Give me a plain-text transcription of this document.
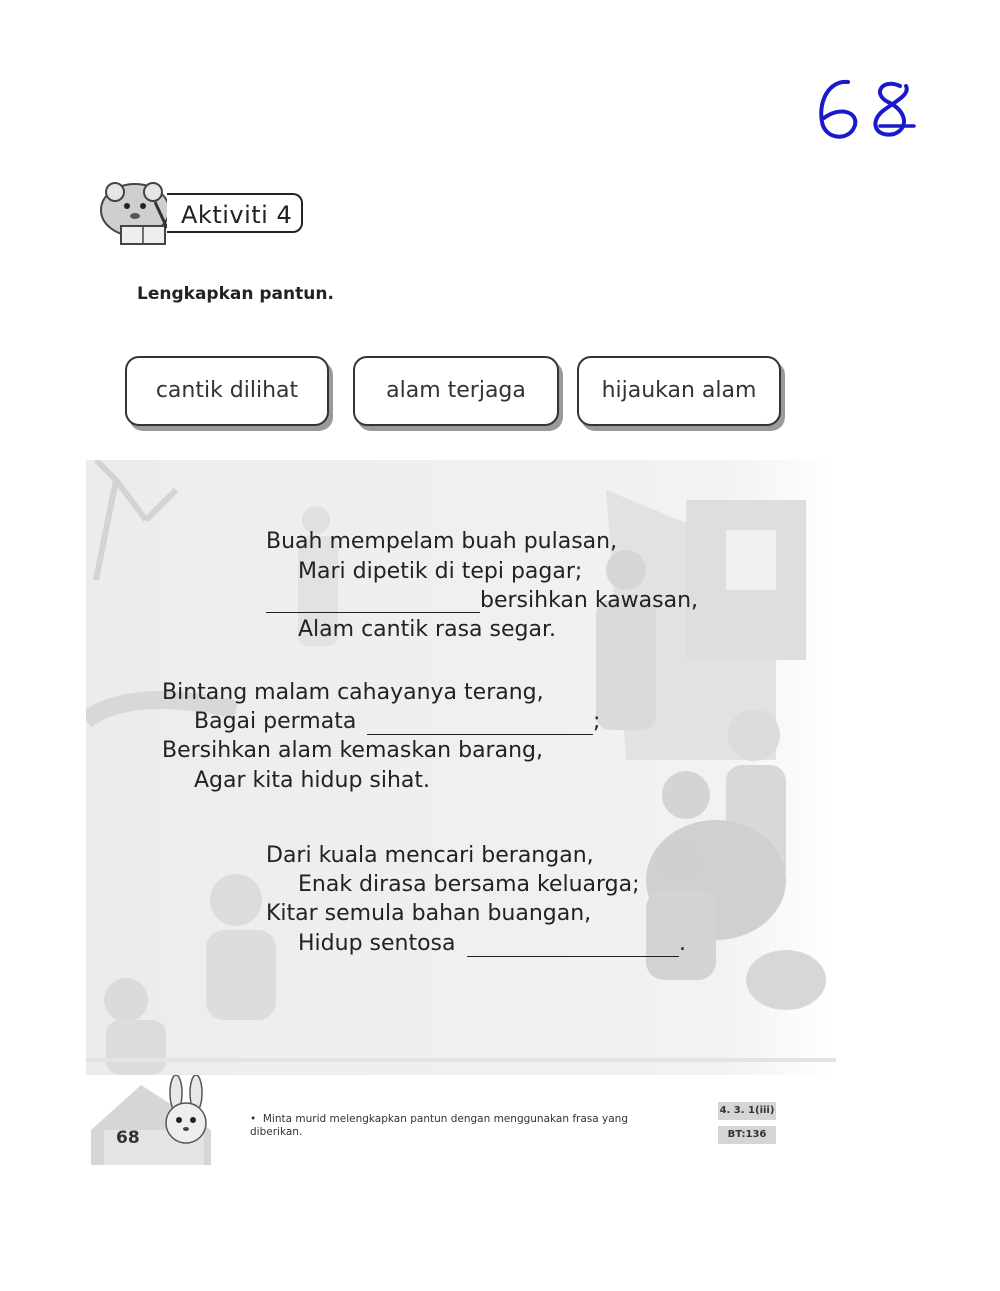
Aktiviti 4
Lengkapkan pantun.
cantik dilihat	alam terjaga	hijaukan alam
Buah mempelam buah pulasan,
Mari dipetik di tepi pagar;
bersihkan kawasan,
Alam cantik rasa segar.
Bintang malam cahayanya terang,
Bagai permata	;
Bersihkan alam kemaskan barang,
Agar kita hidup sihat.
Dari kuala mencari berangan,
Enak dirasa bersama keluarga;
Kitar semula bahan buangan,
Hidup sentosa	.
68
•  Minta murid melengkapkan pantun dengan menggunakan frasa yang diberikan.
4. 3. 1(iii)
BT:136
